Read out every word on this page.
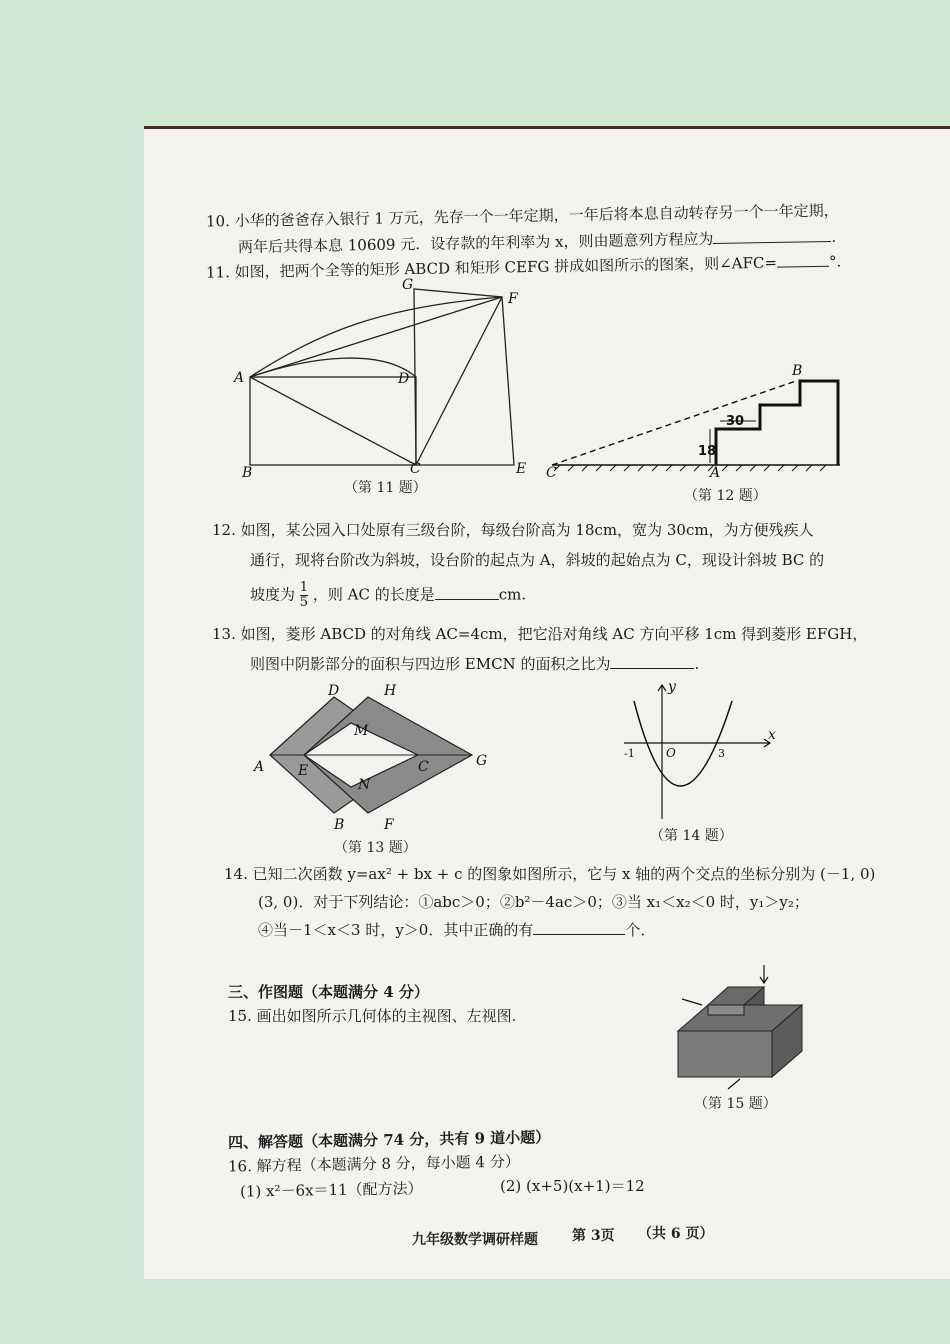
10. 小华的爸爸存入银行 1 万元，先存一个一年定期，一年后将本息自动转存另一个一年定期，
两年后共得本息 10609 元．设存款的年利率为 x，则由题意列方程应为	．
11. 如图，把两个全等的矩形 ABCD 和矩形 CEFG 拼成如图所示的图案，则∠AFC=	°．
G
F
A	D
B	C	E
（第 11 题）
30
18
B
C	A
（第 12 题）
12. 如图，某公园入口处原有三级台阶，每级台阶高为 18cm，宽为 30cm，为方便残疾人
通行，现将台阶改为斜坡，设台阶的起点为 A，斜坡的起始点为 C，现设计斜坡 BC 的
坡度为 $\frac{1}{5}$ ，则 AC 的长度是	cm.
13. 如图，菱形 ABCD 的对角线 AC=4cm，把它沿对角线 AC 方向平移 1cm 得到菱形 EFGH，
则图中阴影部分的面积与四边形 EMCN 的面积之比为	.
D	H
M
A E	C	G
N
B	F
（第 13 题）
x
y
-1	O	3
（第 14 题）
14. 已知二次函数 y=ax² + bx + c 的图象如图所示，它与 x 轴的两个交点的坐标分别为 (－1, 0)
(3, 0)．对于下列结论：①abc＞0；②b²－4ac＞0；③当 x₁＜x₂＜0 时，y₁＞y₂；
④当－1＜x＜3 时，y＞0．其中正确的有	个．
三、作图题（本题满分 4 分）
15. 画出如图所示几何体的主视图、左视图.
（第 15 题）
四、解答题（本题满分 74 分，共有 9 道小题）
16. 解方程（本题满分 8 分，每小题 4 分）
(1) x²－6x＝11（配方法）	(2) (x+5)(x+1)＝12
九年级数学调研样题 第 3页 （共 6 页）
